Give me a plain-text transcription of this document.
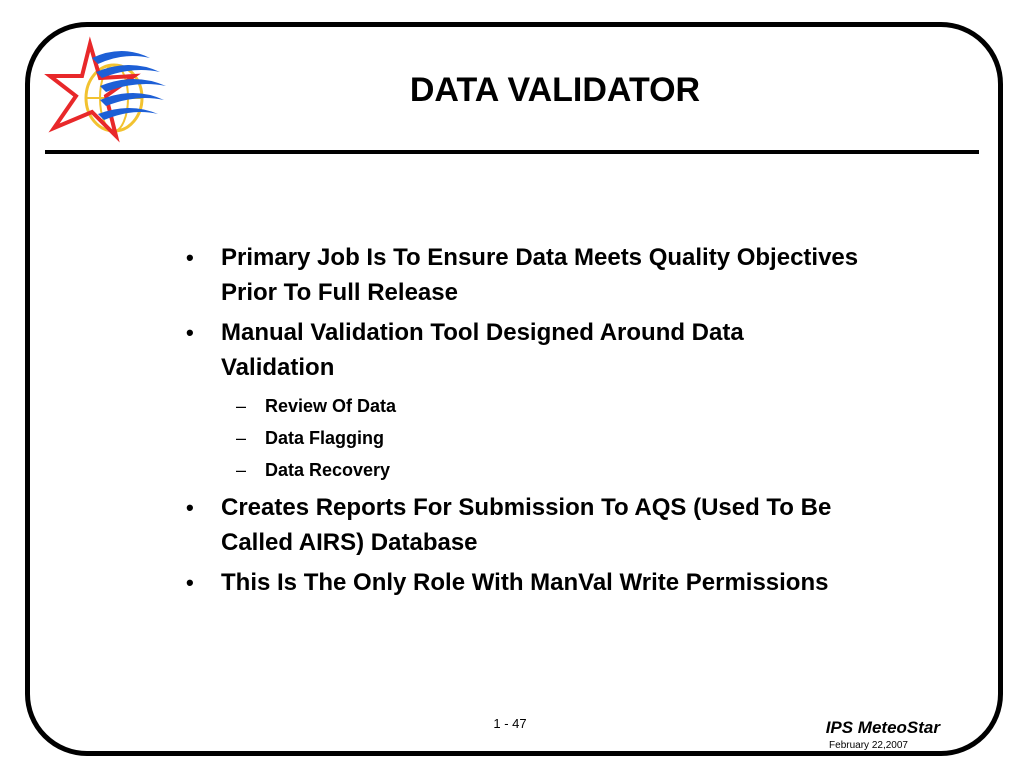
DATA VALIDATOR
• Primary Job Is To Ensure Data Meets Quality Objectives Prior To Full Release
• Manual Validation Tool Designed Around Data Validation
– Review Of Data
– Data Flagging
– Data Recovery
• Creates Reports For Submission To AQS (Used To Be Called AIRS) Database
• This Is The Only Role With ManVal Write Permissions
1 - 47	IPS MeteoStar
February 22,2007
